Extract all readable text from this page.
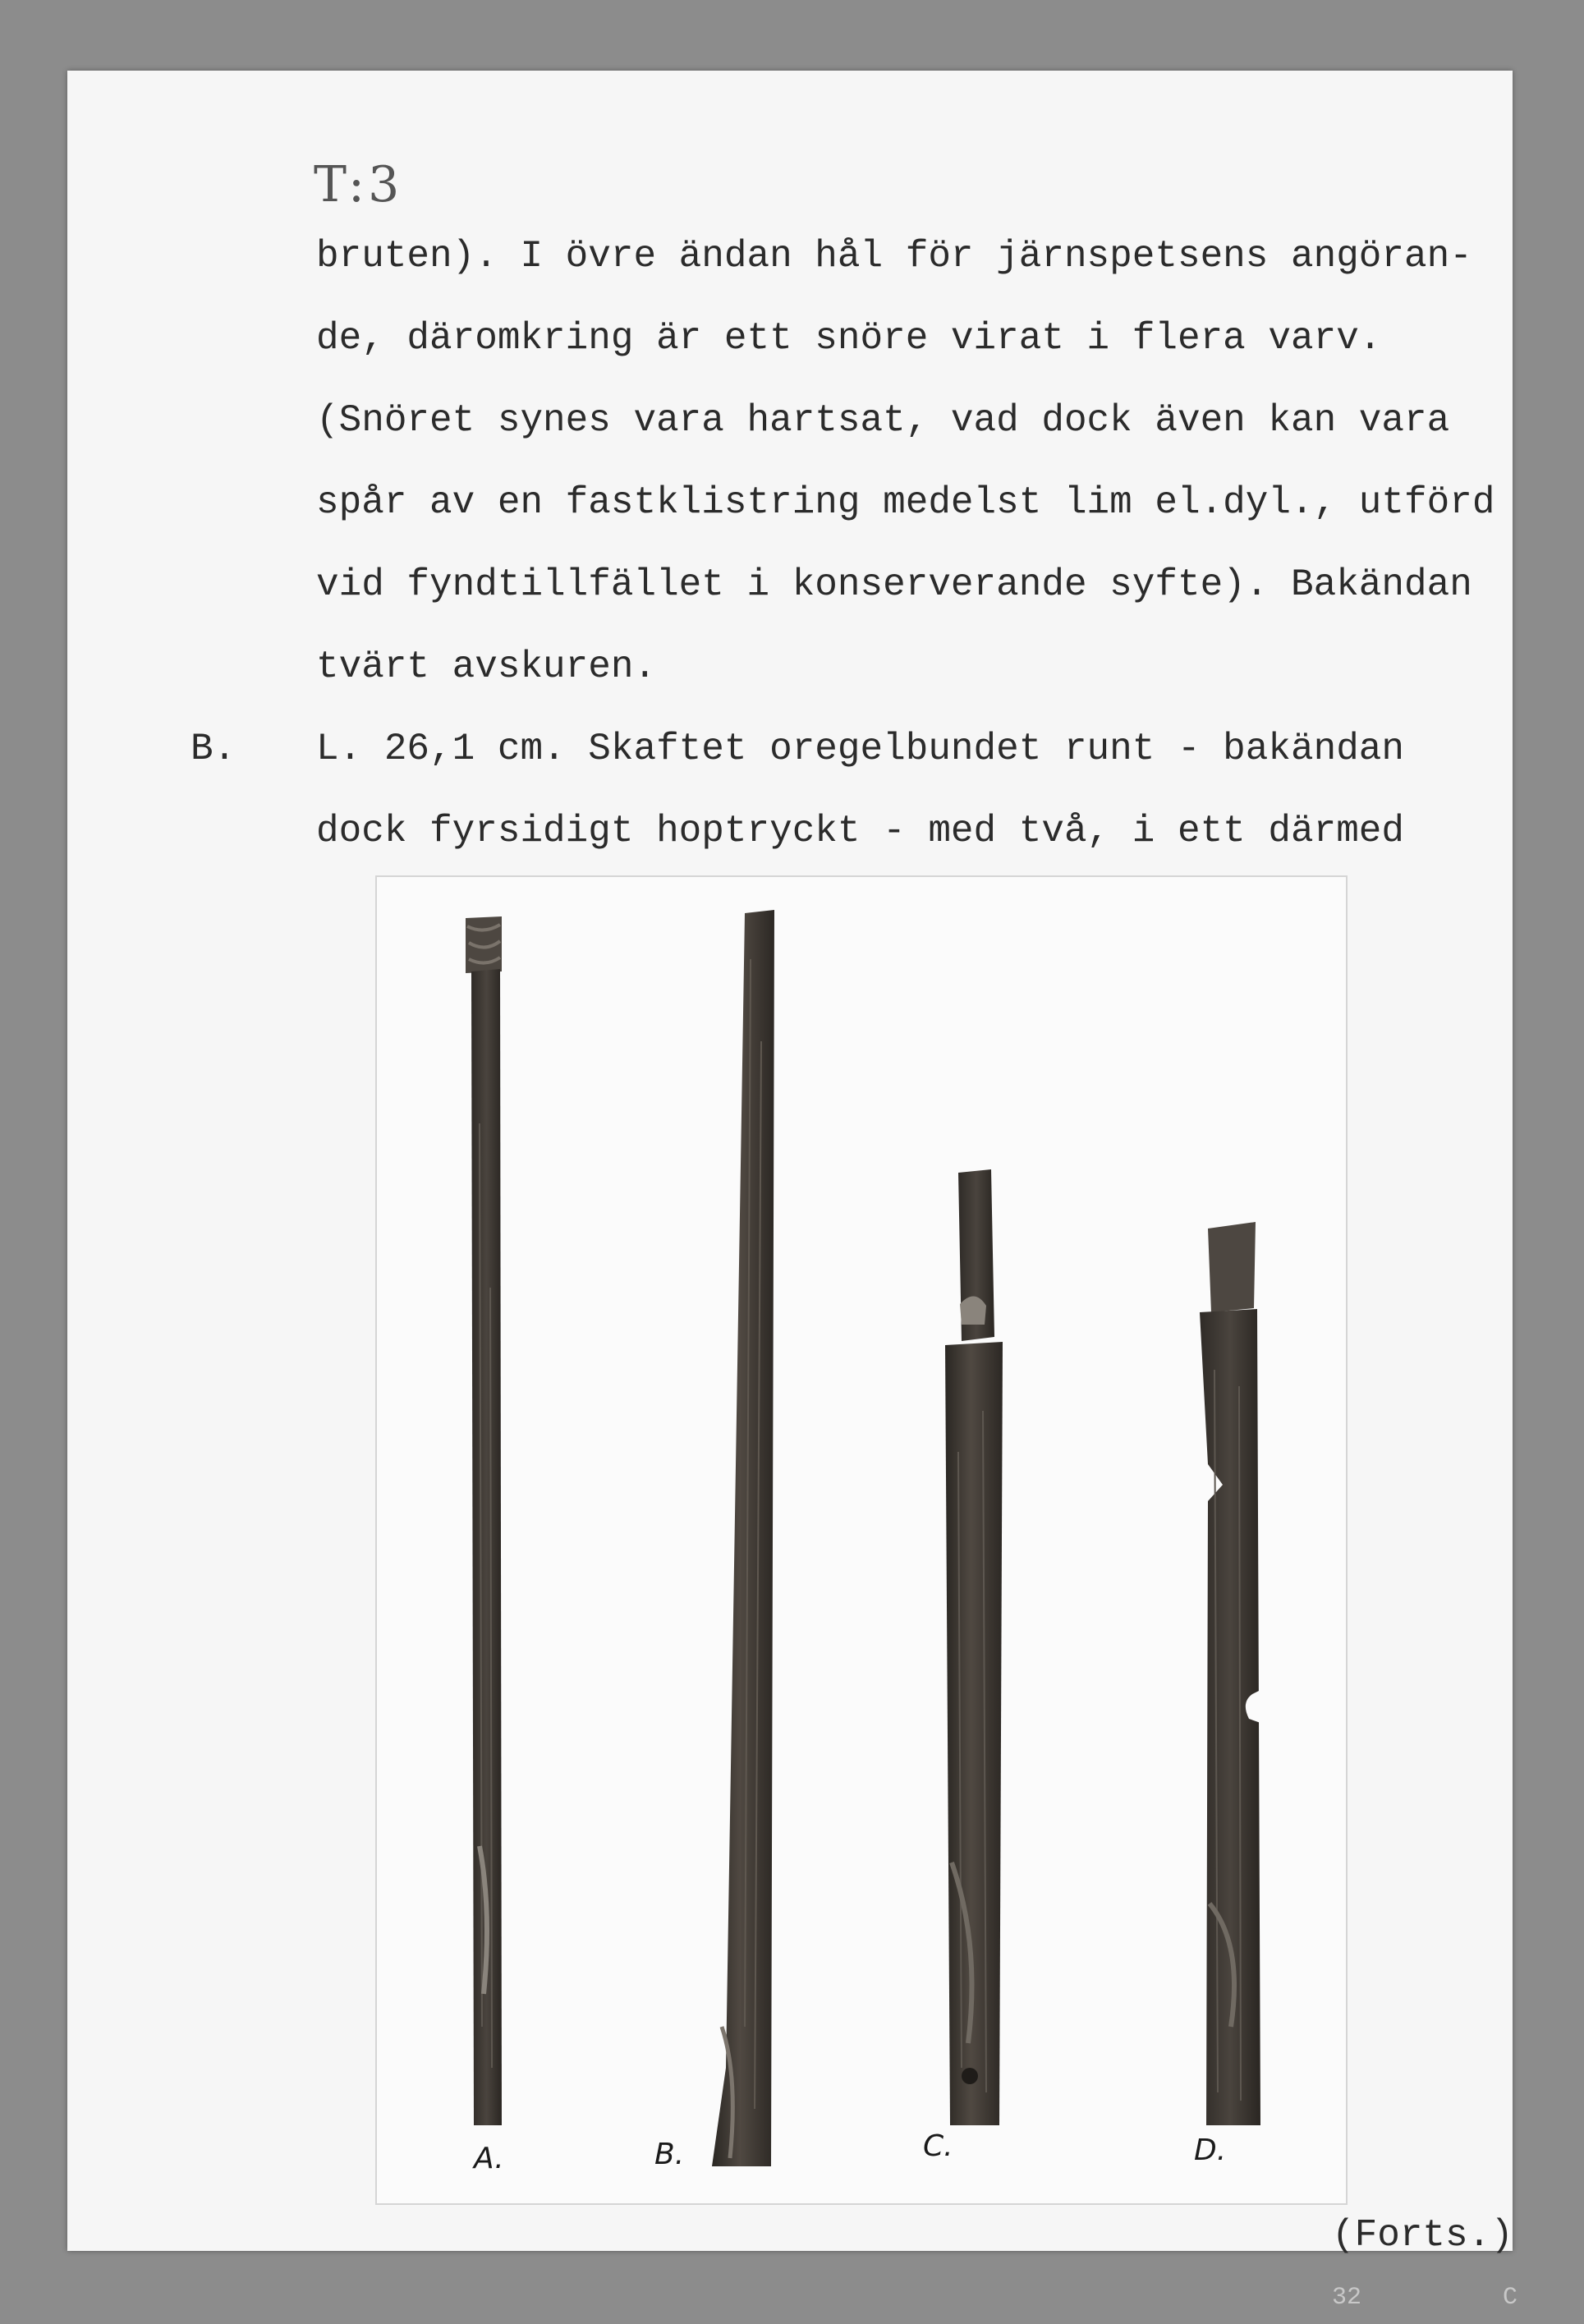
T:3
bruten). I övre ändan hål för järnspetsens angöran-
de, däromkring är ett snöre virat i flera varv.
(Snöret synes vara hartsat, vad dock även kan vara
spår av en fastklistring medelst lim el.dyl., utförd
vid fyndtillfället i konserverande syfte). Bakändan
tvärt avskuren.
B. L. 26,1 cm. Skaftet oregelbundet runt - bakändan
dock fyrsidigt hoptryckt - med två, i ett därmed
A.	B.	C.	D.
(Forts.)
32	C
